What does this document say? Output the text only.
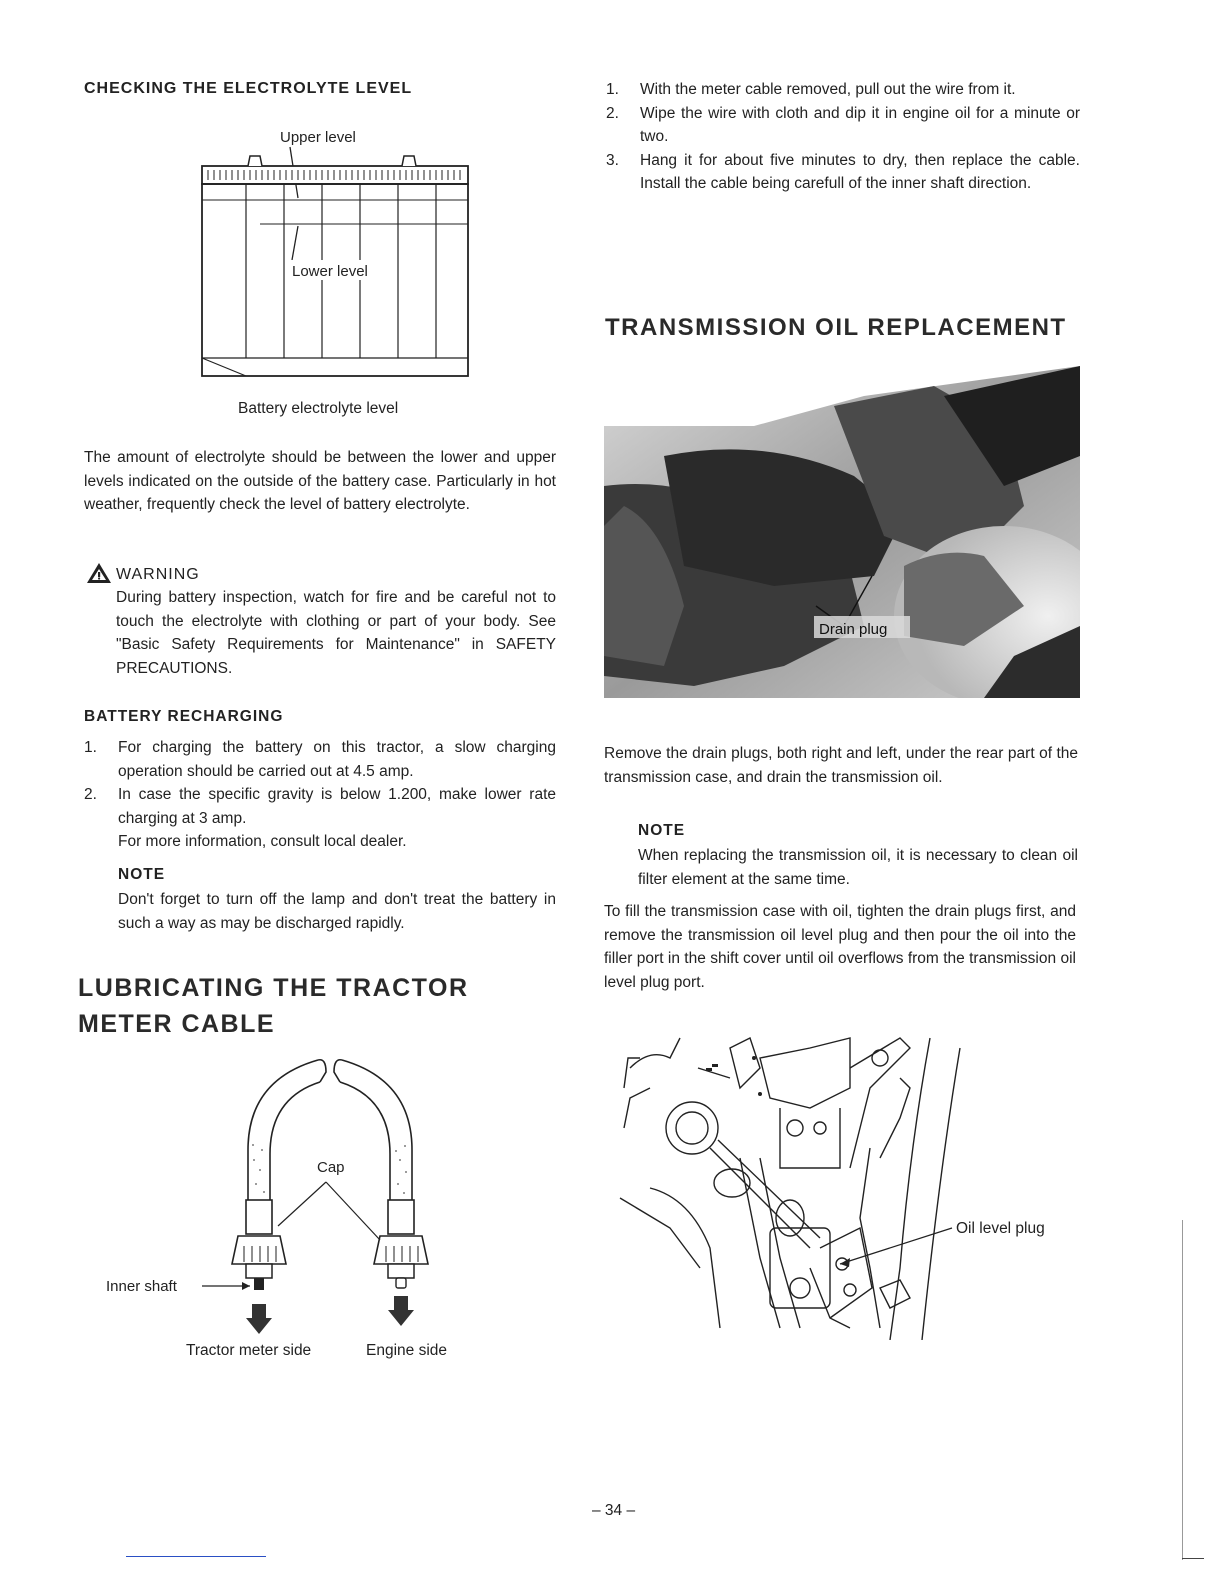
CHECKING THE ELECTROLYTE LEVEL
Upper level
Lower level
Battery electrolyte level
The amount of electrolyte should be between the lower and upper levels indicated on the outside of the battery case. Particularly in hot weather, frequently check the level of battery electrolyte.
WARNING
During battery inspection, watch for fire and be careful not to touch the electrolyte with clothing or part of your body. See "Basic Safety Requirements for Maintenance" in SAFETY PRECAUTIONS.
BATTERY RECHARGING
1. For charging the battery on this tractor, a slow charging operation should be carried out at 4.5 amp.
2. In case the specific gravity is below 1.200, make lower rate charging at 3 amp.
For more information, consult local dealer.
NOTE
Don't forget to turn off the lamp and don't treat the battery in such a way as may be discharged rapidly.
LUBRICATING THE TRACTOR
METER CABLE
Cap
Inner shaft
Tractor meter side	Engine side
1. With the meter cable removed, pull out the wire from it.
2. Wipe the wire with cloth and dip it in engine oil for a minute or two.
3. Hang it for about five minutes to dry, then replace the cable. Install the cable being carefull of the inner shaft direction.
TRANSMISSION OIL REPLACEMENT
Drain plug
Remove the drain plugs, both right and left, under the rear part of the transmission case, and drain the transmission oil.
NOTE
When replacing the transmission oil, it is necessary to clean oil filter element at the same time.
To fill the transmission case with oil, tighten the drain plugs first, and remove the transmission oil level plug and then pour the oil into the filler port in the shift cover until oil overflows from the transmission oil level plug port.
Oil level plug
– 34 –
